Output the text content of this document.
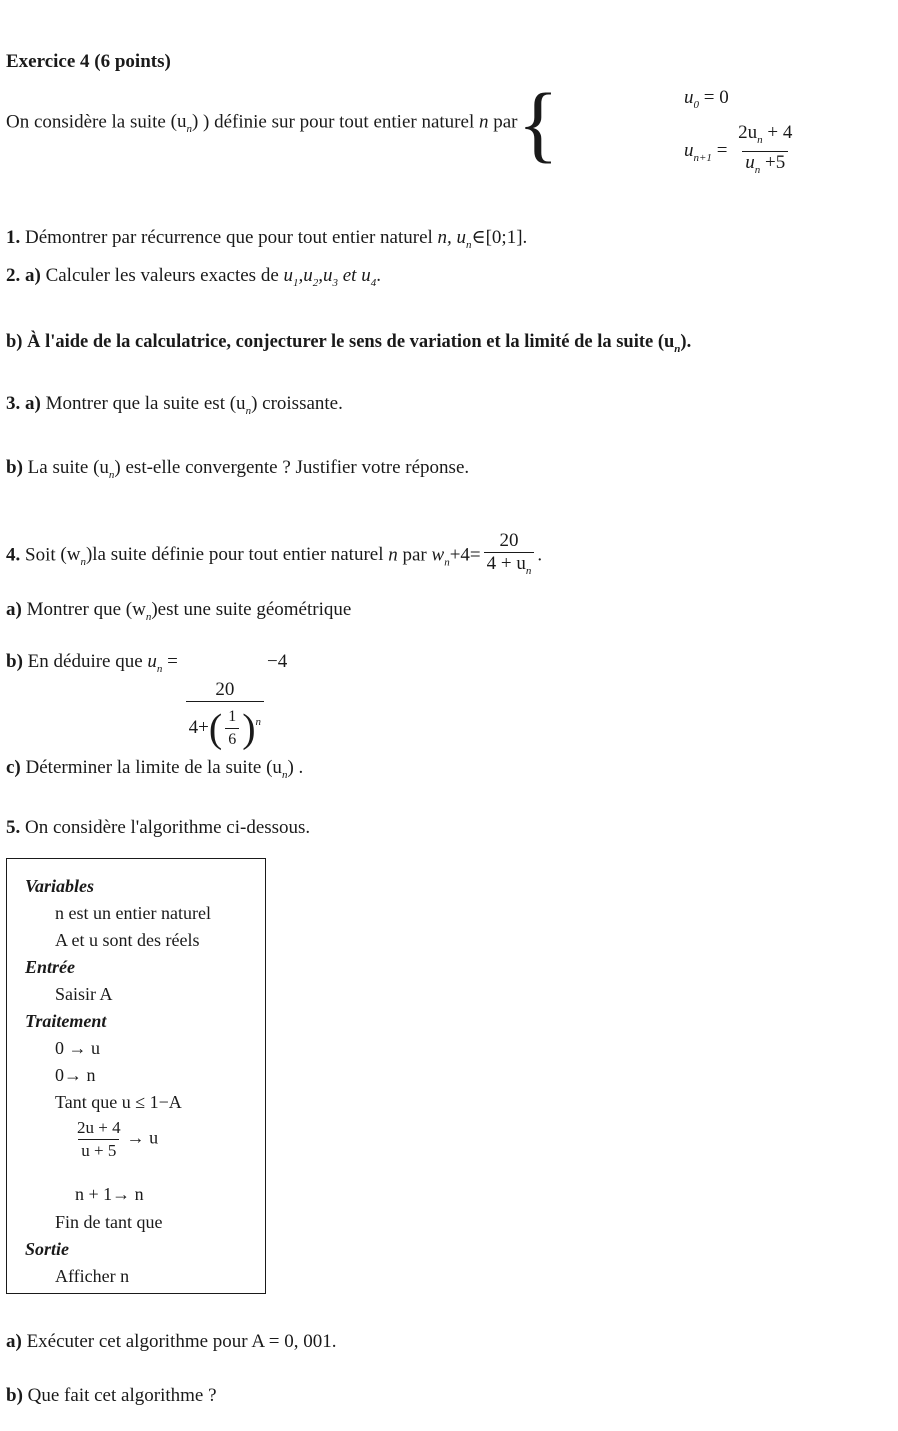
Exercice 4 (6 points)
On considère la suite $(u_n)$ ) définie sur pour tout entier naturel n par{	$u_0 = 0$
$u_{n+1} = \frac{2u_n + 4}{u_n +5}$
1. Démontrer par récurrence que pour tout entier naturel n, $u_n\in[0;1]$.
2. a) Calculer les valeurs exactes de $u_1,u_2,u_3$ et $u_4$.
b) À l'aide de la calculatrice, conjecturer le sens de variation et la limité de la suite $(u_n)$.
3. a) Montrer que la suite est $(u_n)$ croissante.
b) La suite $(u_n)$ est-elle convergente ? Justifier votre réponse.
4. Soit $(w_n)la$ suite définie pour tout entier naturel n par $w_n+4= \frac{20}{4 + u_n}$ .
a) Montrer que $(w_n)est$ une suite géométrique
b) En déduire que $u_n$ =
$\frac{20}{4+( \frac{1}{6} )^n}$
−4
c) Déterminer la limite de la suite $(u_n)$ .
5. On considère l'algorithme ci-dessous.
Variables
n est un entier naturel
A et u sont des réels
Entrée
Saisir A
Traitement
0 → u
0→ n
Tant que u ≤ 1−A
$\frac{2u + 4}{u + 5} \to u$
n + 1→ n
Fin de tant que
Sortie
Afficher n
a) Exécuter cet algorithme pour A = 0, 001.
b) Que fait cet algorithme ?
